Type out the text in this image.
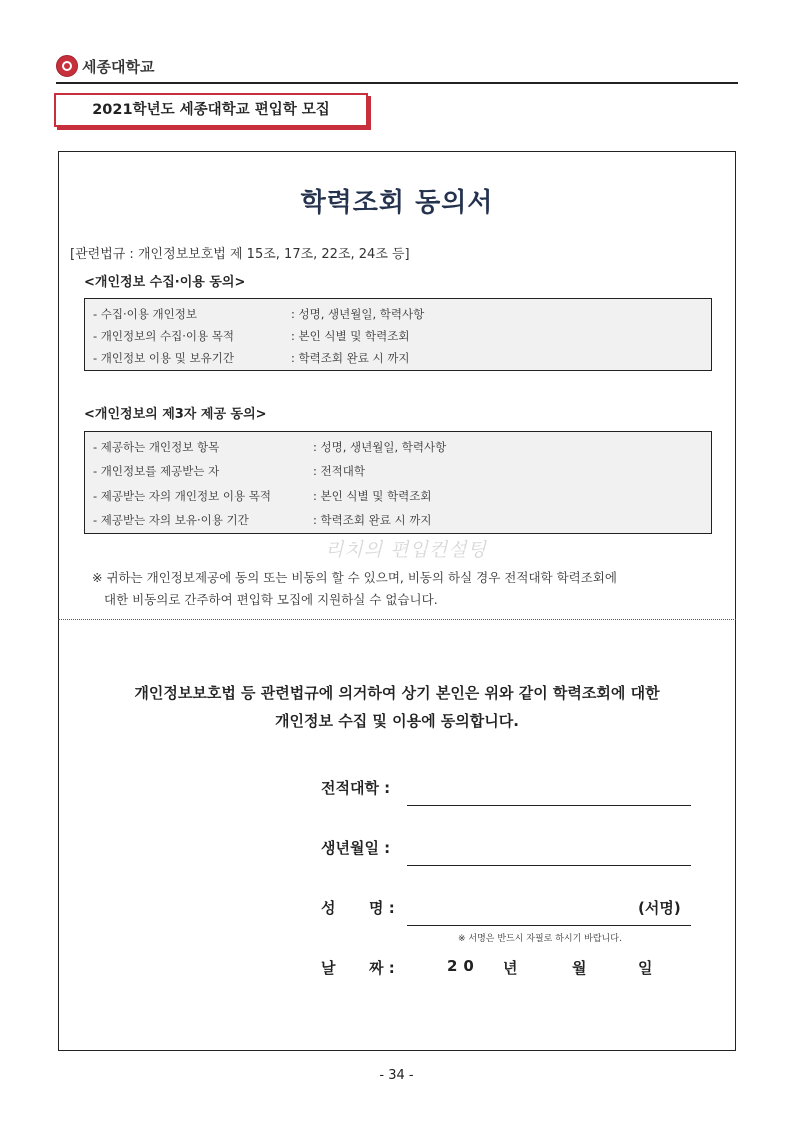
세종대학교
2021학년도 세종대학교 편입학 모집
학력조회 동의서
[관련법규 : 개인정보보호법 제 15조, 17조, 22조, 24조 등]
<개인정보 수집·이용 동의>
- 수집·이용 개인정보	: 성명, 생년월일, 학력사항
- 개인정보의 수집·이용 목적	: 본인 식별 및 학력조회
- 개인정보 이용 및 보유기간	: 학력조회 완료 시 까지
<개인정보의 제3자 제공 동의>
- 제공하는 개인정보 항목	: 성명, 생년월일, 학력사항
- 개인정보를 제공받는 자	: 전적대학
- 제공받는 자의 개인정보 이용 목적	: 본인 식별 및 학력조회
- 제공받는 자의 보유·이용 기간	: 학력조회 완료 시 까지
리치의 편입컨설팅
※ 귀하는 개인정보제공에 동의 또는 비동의 할 수 있으며, 비동의 하실 경우 전적대학 학력조회에
대한 비동의로 간주하여 편입학 모집에 지원하실 수 없습니다.
개인정보보호법 등 관련법규에 의거하여 상기 본인은 위와 같이 학력조회에 대한
개인정보 수집 및 이용에 동의합니다.
전적대학 :
생년월일 :
성 명 :	(서명)
※ 서명은 반드시 자필로 하시기 바랍니다.
날 짜 :	20 년	월	일
- 34 -
